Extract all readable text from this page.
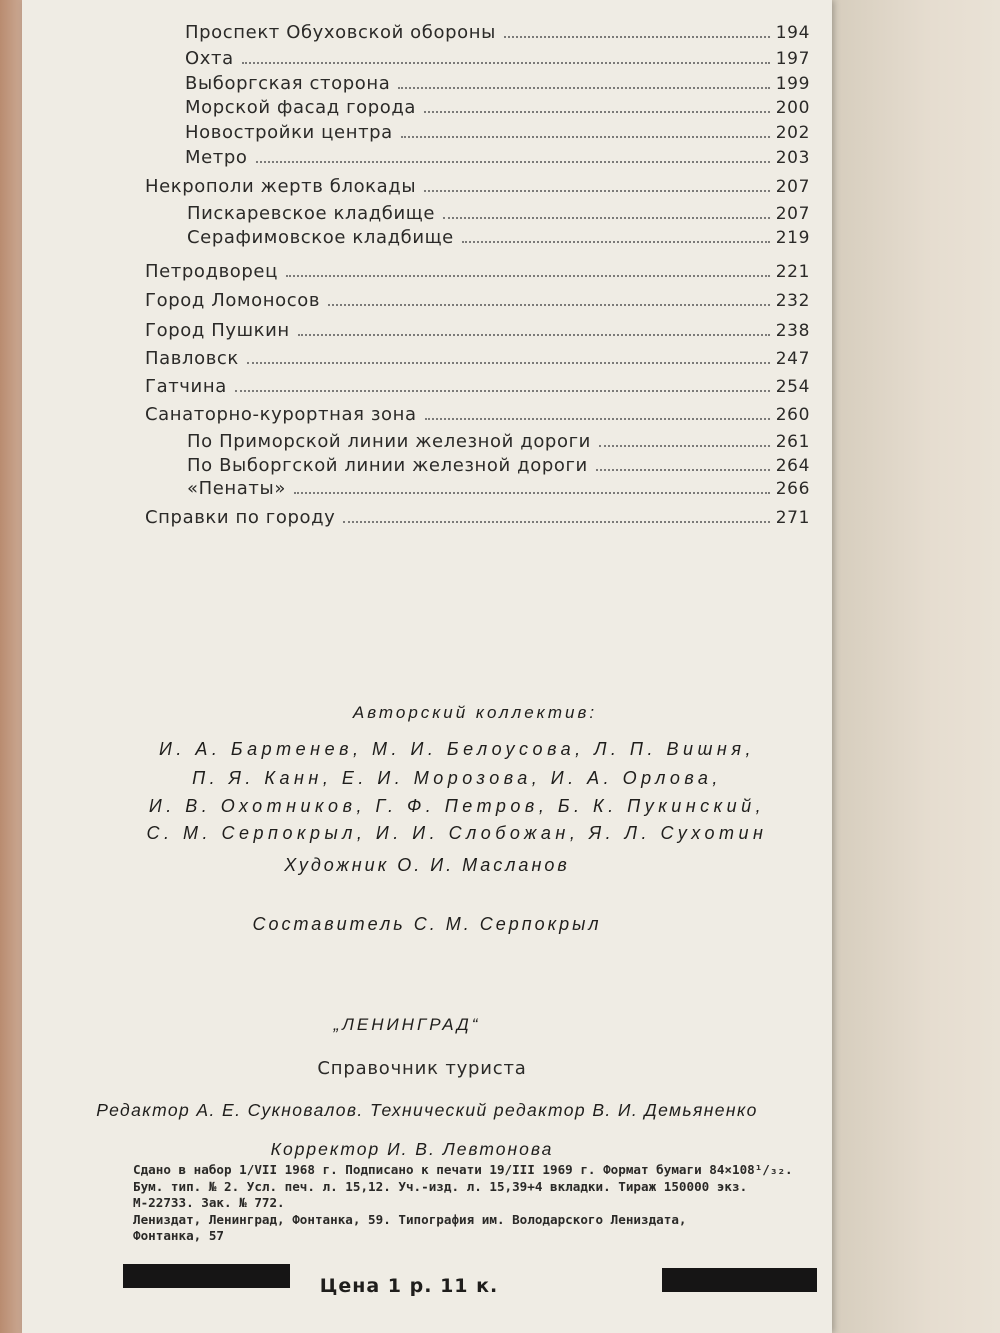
Проспект Обуховской обороны	194
Охта	197
Выборгская сторона	199
Морской фасад города	200
Новостройки центра	202
Метро	203
Некрополи жертв блокады	207
Пискаревское кладбище	207
Серафимовское кладбище	219
Петродворец	221
Город Ломоносов	232
Город Пушкин	238
Павловск	247
Гатчина	254
Санаторно-курортная зона	260
По Приморской линии железной дороги	261
По Выборгской линии железной дороги	264
«Пенаты»	266
Справки по городу	271
Авторский коллектив:
И. А. Бартенев, М. И. Белоусова, Л. П. Вишня,
П. Я. Канн, Е. И. Морозова, И. А. Орлова,
И. В. Охотников, Г. Ф. Петров, Б. К. Пукинский,
С. М. Серпокрыл, И. И. Слобожан, Я. Л. Сухотин
Художник О. И. Масланов
Составитель С. М. Серпокрыл
„ЛЕНИНГРАД“
Справочник туриста
Редактор А. Е. Сукновалов. Технический редактор В. И. Демьяненко
Корректор И. В. Левтонова
Сдано в набор 1/VII 1968 г. Подписано к печати 19/III 1969 г. Формат бумаги 84×108¹/₃₂.
Бум. тип. № 2. Усл. печ. л. 15,12. Уч.-изд. л. 15,39+4 вкладки. Тираж 150000 экз.
М-22733. Зак. № 772.
Лениздат, Ленинград, Фонтанка, 59. Типография им. Володарского Лениздата,
Фонтанка, 57
Цена 1 р. 11 к.
